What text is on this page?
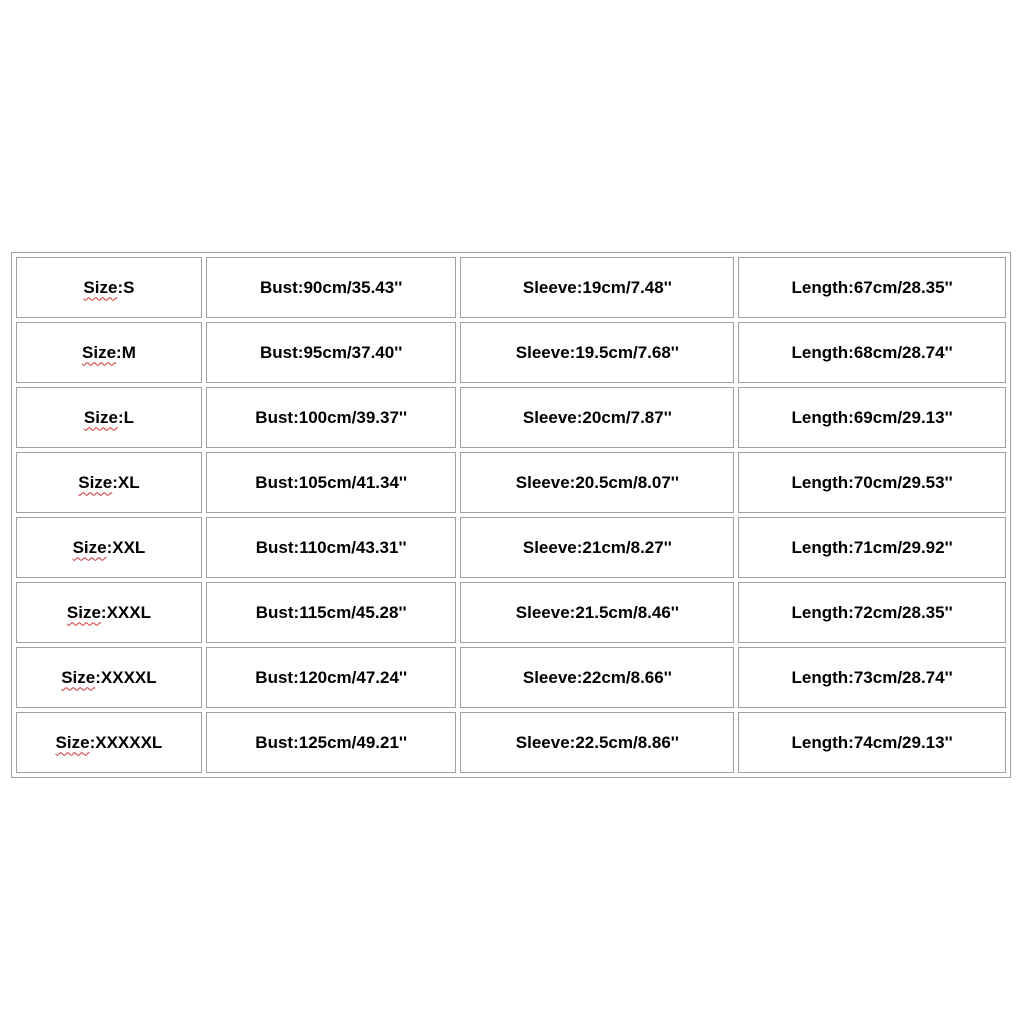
Size:S	Bust:90cm/35.43''	Sleeve:19cm/7.48''	Length:67cm/28.35''
Size:M	Bust:95cm/37.40''	Sleeve:19.5cm/7.68''	Length:68cm/28.74''
Size:L	Bust:100cm/39.37''	Sleeve:20cm/7.87''	Length:69cm/29.13''
Size:XL	Bust:105cm/41.34''	Sleeve:20.5cm/8.07''	Length:70cm/29.53''
Size:XXL	Bust:110cm/43.31''	Sleeve:21cm/8.27''	Length:71cm/29.92''
Size:XXXL	Bust:115cm/45.28''	Sleeve:21.5cm/8.46''	Length:72cm/28.35''
Size:XXXXL	Bust:120cm/47.24''	Sleeve:22cm/8.66''	Length:73cm/28.74''
Size:XXXXXL	Bust:125cm/49.21''	Sleeve:22.5cm/8.86''	Length:74cm/29.13''
